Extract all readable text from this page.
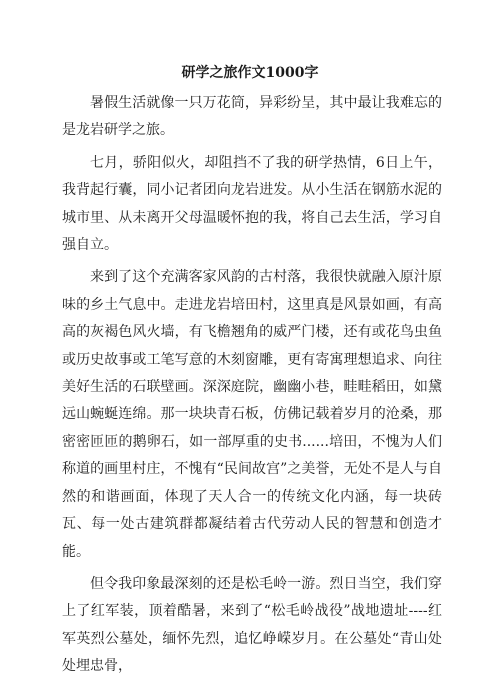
研学之旅作文1000字

暑假生活就像一只万花筒，异彩纷呈，其中最让我难忘的是龙岩研学之旅。

七月，骄阳似火，却阻挡不了我的研学热情，6日上午，我背起行囊，同小记者团向龙岩进发。从小生活在钢筋水泥的城市里、从未离开父母温暖怀抱的我，将自己去生活，学习自强自立。

来到了这个充满客家风韵的古村落，我很快就融入原汁原味的乡土气息中。走进龙岩培田村，这里真是风景如画，有高高的灰褐色风火墙，有飞檐翘角的威严门楼，还有或花鸟虫鱼或历史故事或工笔写意的木刻窗雕，更有寄寓理想追求、向往美好生活的石联壁画。深深庭院，幽幽小巷，畦畦稻田，如黛远山蜿蜒连绵。那一块块青石板，仿佛记载着岁月的沧桑，那密密匝匝的鹅卵石，如一部厚重的史书......培田，不愧为人们称道的画里村庄，不愧有“民间故宫”之美誉，无处不是人与自然的和谐画面，体现了天人合一的传统文化内涵，每一块砖瓦、每一处古建筑群都凝结着古代劳动人民的智慧和创造才能。

但令我印象最深刻的还是松毛岭一游。烈日当空，我们穿上了红军装，顶着酷暑，来到了“松毛岭战役”战地遗址----红军英烈公墓处，缅怀先烈，追忆峥嵘岁月。在公墓处“青山处处埋忠骨，
